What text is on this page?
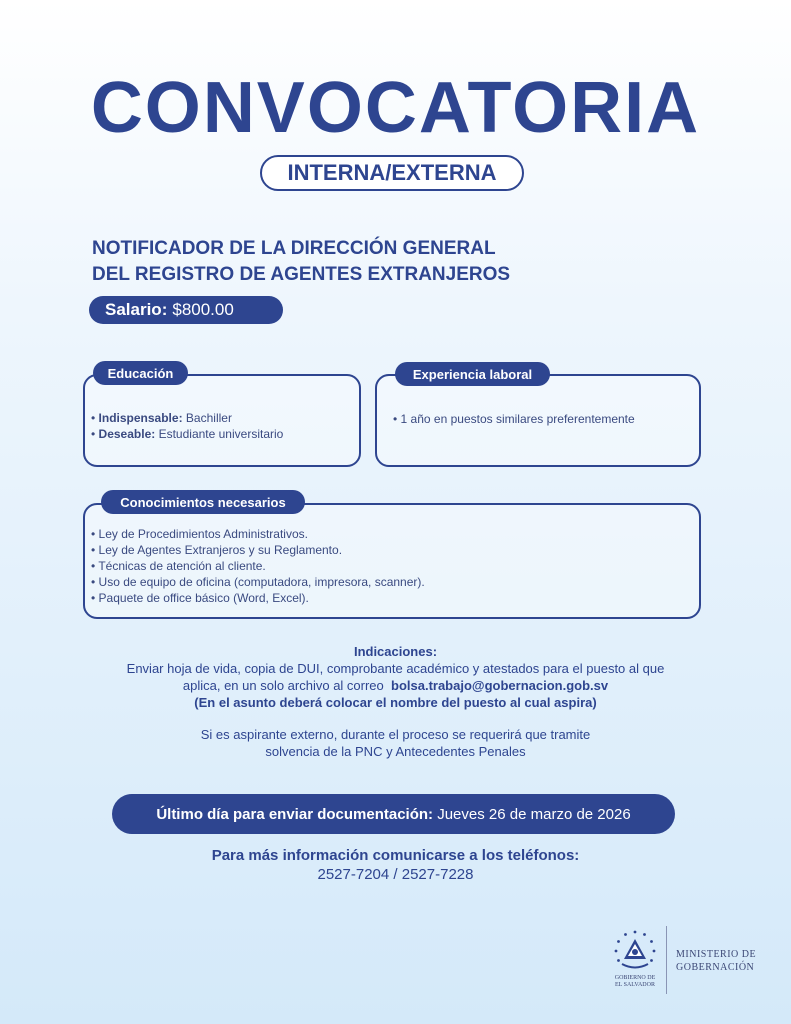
CONVOCATORIA
INTERNA/EXTERNA
NOTIFICADOR DE LA DIRECCIÓN GENERAL
DEL REGISTRO DE AGENTES EXTRANJEROS
Salario: $800.00
Educación
• Indispensable: Bachiller
• Deseable: Estudiante universitario
Experiencia laboral
• 1 año en puestos similares preferentemente
Conocimientos necesarios
• Ley de Procedimientos Administrativos.
• Ley de Agentes Extranjeros y su Reglamento.
• Técnicas de atención al cliente.
• Uso de equipo de oficina (computadora, impresora, scanner).
• Paquete de office básico (Word, Excel).
Indicaciones:
Enviar hoja de vida, copia de DUI, comprobante académico y atestados para el puesto al que
aplica, en un solo archivo al correo bolsa.trabajo@gobernacion.gob.sv
(En el asunto deberá colocar el nombre del puesto al cual aspira)
Si es aspirante externo, durante el proceso se requerirá que tramite
solvencia de la PNC y Antecedentes Penales
Último día para enviar documentación:
Jueves 26 de marzo de 2026
Para más información comunicarse a los teléfonos:
2527-7204 / 2527-7228
GOBIERNO DE
EL SALVADOR
MINISTERIO DE
GOBERNACIÓN
